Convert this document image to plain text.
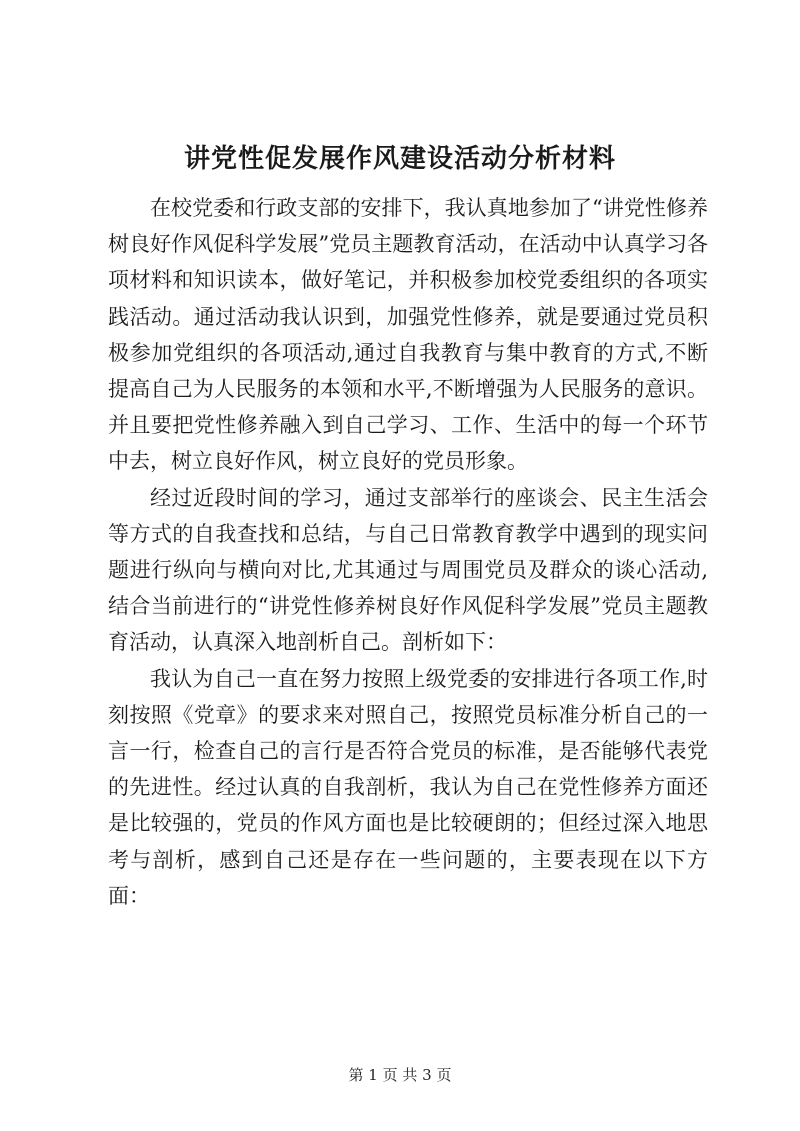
讲党性促发展作风建设活动分析材料

在校党委和行政支部的安排下，我认真地参加了“讲党性修养树良好作风促科学发展”党员主题教育活动，在活动中认真学习各项材料和知识读本，做好笔记，并积极参加校党委组织的各项实践活动。通过活动我认识到，加强党性修养，就是要通过党员积极参加党组织的各项活动,通过自我教育与集中教育的方式,不断提高自己为人民服务的本领和水平,不断增强为人民服务的意识。并且要把党性修养融入到自己学习、工作、生活中的每一个环节中去，树立良好作风，树立良好的党员形象。

经过近段时间的学习，通过支部举行的座谈会、民主生活会等方式的自我查找和总结，与自己日常教育教学中遇到的现实问题进行纵向与横向对比,尤其通过与周围党员及群众的谈心活动,结合当前进行的“讲党性修养树良好作风促科学发展”党员主题教育活动，认真深入地剖析自己。剖析如下：

我认为自己一直在努力按照上级党委的安排进行各项工作,时刻按照《党章》的要求来对照自己，按照党员标准分析自己的一言一行，检查自己的言行是否符合党员的标准，是否能够代表党的先进性。经过认真的自我剖析，我认为自己在党性修养方面还是比较强的，党员的作风方面也是比较硬朗的；但经过深入地思考与剖析，感到自己还是存在一些问题的，主要表现在以下方面：

第 1 页 共 3 页
